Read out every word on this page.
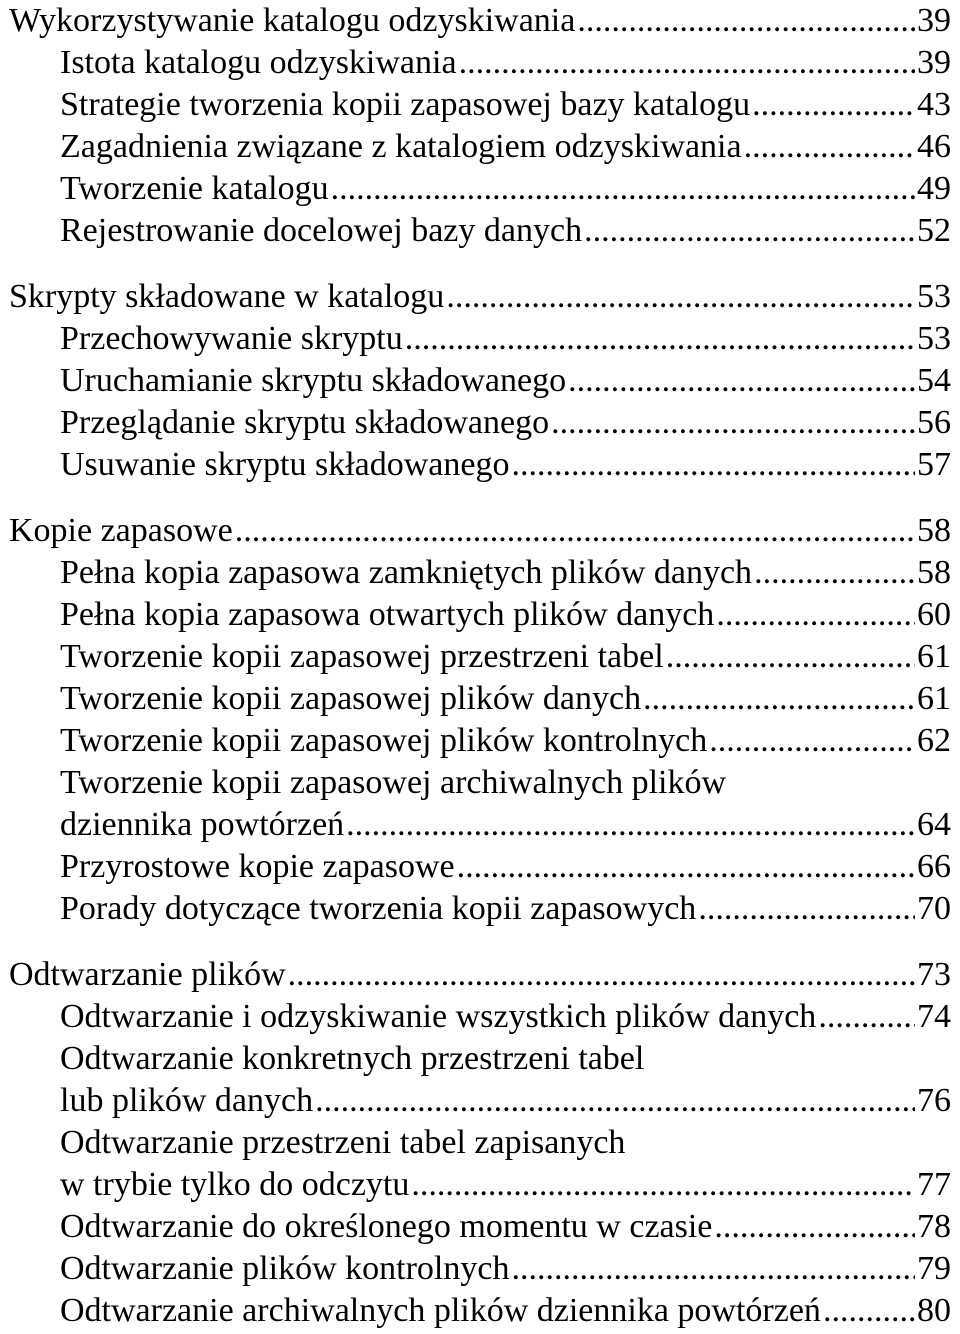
Wykorzystywanie katalogu odzyskiwania .....	39
Istota katalogu odzyskiwania .....	39
Strategie tworzenia kopii zapasowej bazy katalogu .....	43
Zagadnienia związane z katalogiem odzyskiwania .....	46
Tworzenie katalogu .....	49
Rejestrowanie docelowej bazy danych .....	52
Skrypty składowane w katalogu .....	53
Przechowywanie skryptu .....	53
Uruchamianie skryptu składowanego .....	54
Przeglądanie skryptu składowanego .....	56
Usuwanie skryptu składowanego .....	57
Kopie zapasowe .....	58
Pełna kopia zapasowa zamkniętych plików danych .....	58
Pełna kopia zapasowa otwartych plików danych .....	60
Tworzenie kopii zapasowej przestrzeni tabel .....	61
Tworzenie kopii zapasowej plików danych .....	61
Tworzenie kopii zapasowej plików kontrolnych .....	62
Tworzenie kopii zapasowej archiwalnych plików
dziennika powtórzeń .....	64
Przyrostowe kopie zapasowe .....	66
Porady dotyczące tworzenia kopii zapasowych .....	70
Odtwarzanie plików .....	73
Odtwarzanie i odzyskiwanie wszystkich plików danych .....	74
Odtwarzanie konkretnych przestrzeni tabel
lub plików danych .....	76
Odtwarzanie przestrzeni tabel zapisanych
w trybie tylko do odczytu .....	77
Odtwarzanie do określonego momentu w czasie .....	78
Odtwarzanie plików kontrolnych .....	79
Odtwarzanie archiwalnych plików dziennika powtórzeń .....	80
